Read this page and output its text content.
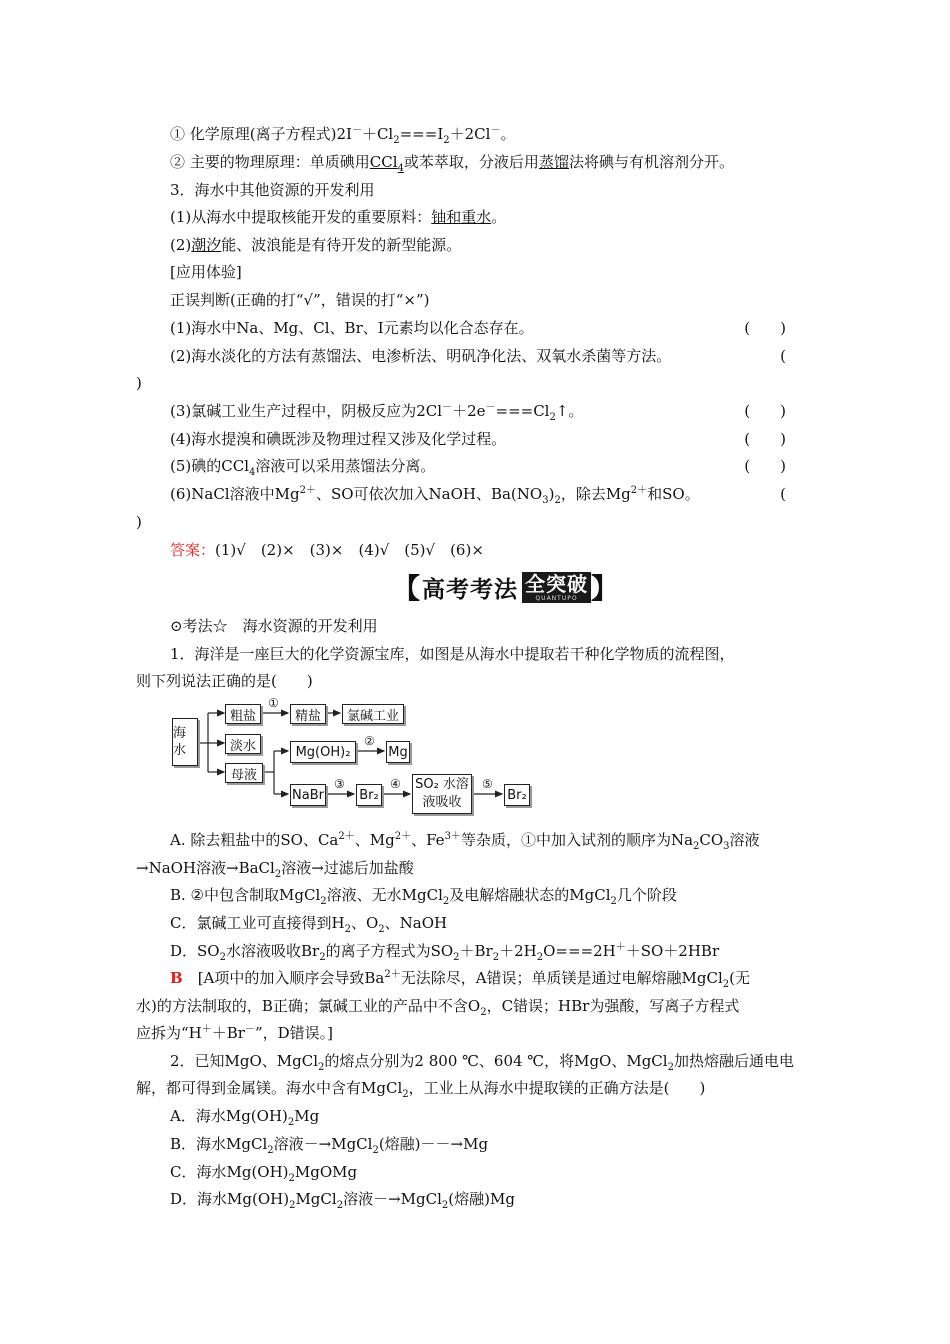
① 化学原理(离子方程式)$2I^-+Cl_2===I_2+2Cl^-$。
② 主要的物理原理：单质碘用CCl$_4$或苯萃取，分液后用蒸馏法将碘与有机溶剂分开。
3．海水中其他资源的开发利用
(1)从海水中提取核能开发的重要原料：铀和重水。
(2)潮汐能、波浪能是有待开发的新型能源。
[应用体验]
正误判断(正确的打“√”，错误的打“×”)
(1)海水中Na、Mg、Cl、Br、I元素均以化合态存在。	(　　)
(2)海水淡化的方法有蒸馏法、电渗析法、明矾净化法、双氧水杀菌等方法。	(
)
(3)氯碱工业生产过程中，阴极反应为$2Cl^-+2e^-===Cl_2↑$。	(　　)
(4)海水提溴和碘既涉及物理过程又涉及化学过程。	(　　)
(5)碘的CCl$_4$溶液可以采用蒸馏法分离。	(　　)
(6)NaCl溶液中$Mg^{2+}$、SO可依次加入NaOH、$Ba(NO_3)_2$，除去$Mg^{2+}$和SO。	(
)
答案：(1)√　(2)×　(3)×　(4)√　(5)√　(6)×
⊙考法☆　海水资源的开发利用
1．海洋是一座巨大的化学资源宝库，如图是从海水中提取若干种化学物质的流程图，
则下列说法正确的是(　　)
A. 除去粗盐中的SO、$Ca^{2+}$、$Mg^{2+}$、$Fe^{3+}$等杂质，①中加入试剂的顺序为$Na_2CO_3$溶液
→NaOH溶液→BaCl$_2$溶液→过滤后加盐酸
B. ②中包含制取MgCl$_2$溶液、无水MgCl$_2$及电解熔融状态的MgCl$_2$几个阶段
C．氯碱工业可直接得到$H_2$、$O_2$、NaOH
D．$SO_2$水溶液吸收$Br_2$的离子方程式为$SO_2+Br_2+2H_2O===2H^++SO+2HBr$
B　[A项中的加入顺序会导致$Ba^{2+}$无法除尽，A错误；单质镁是通过电解熔融MgCl$_2$(无
水)的方法制取的，B正确；氯碱工业的产品中不含$O_2$，C错误；HBr为强酸，写离子方程式
应拆为“H＋＋Br－”，D错误。]
2．已知MgO、MgCl$_2$的熔点分别为2 800 ℃、604 ℃，将MgO、MgCl$_2$加热熔融后通电电
解，都可得到金属镁。海水中含有MgCl$_2$，工业上从海水中提取镁的正确方法是(　　)
A．海水$Mg(OH)_2Mg$
B．海水MgCl$_2$溶液－→MgCl$_2$(熔融)－－→Mg
C．海水$Mg(OH)_2MgOMg$
D．海水$Mg(OH)_2MgCl_2$溶液－→MgCl$_2$(熔融)Mg
【 高考考法 全突破
QUANTUPO 】
海水
粗盐	精盐	氯碱工业
淡水
母液
Mg(OH)₂	Mg
NaBr	Br₂
SO₂ 水溶
液吸收	Br₂
①
②
③	④	⑤
